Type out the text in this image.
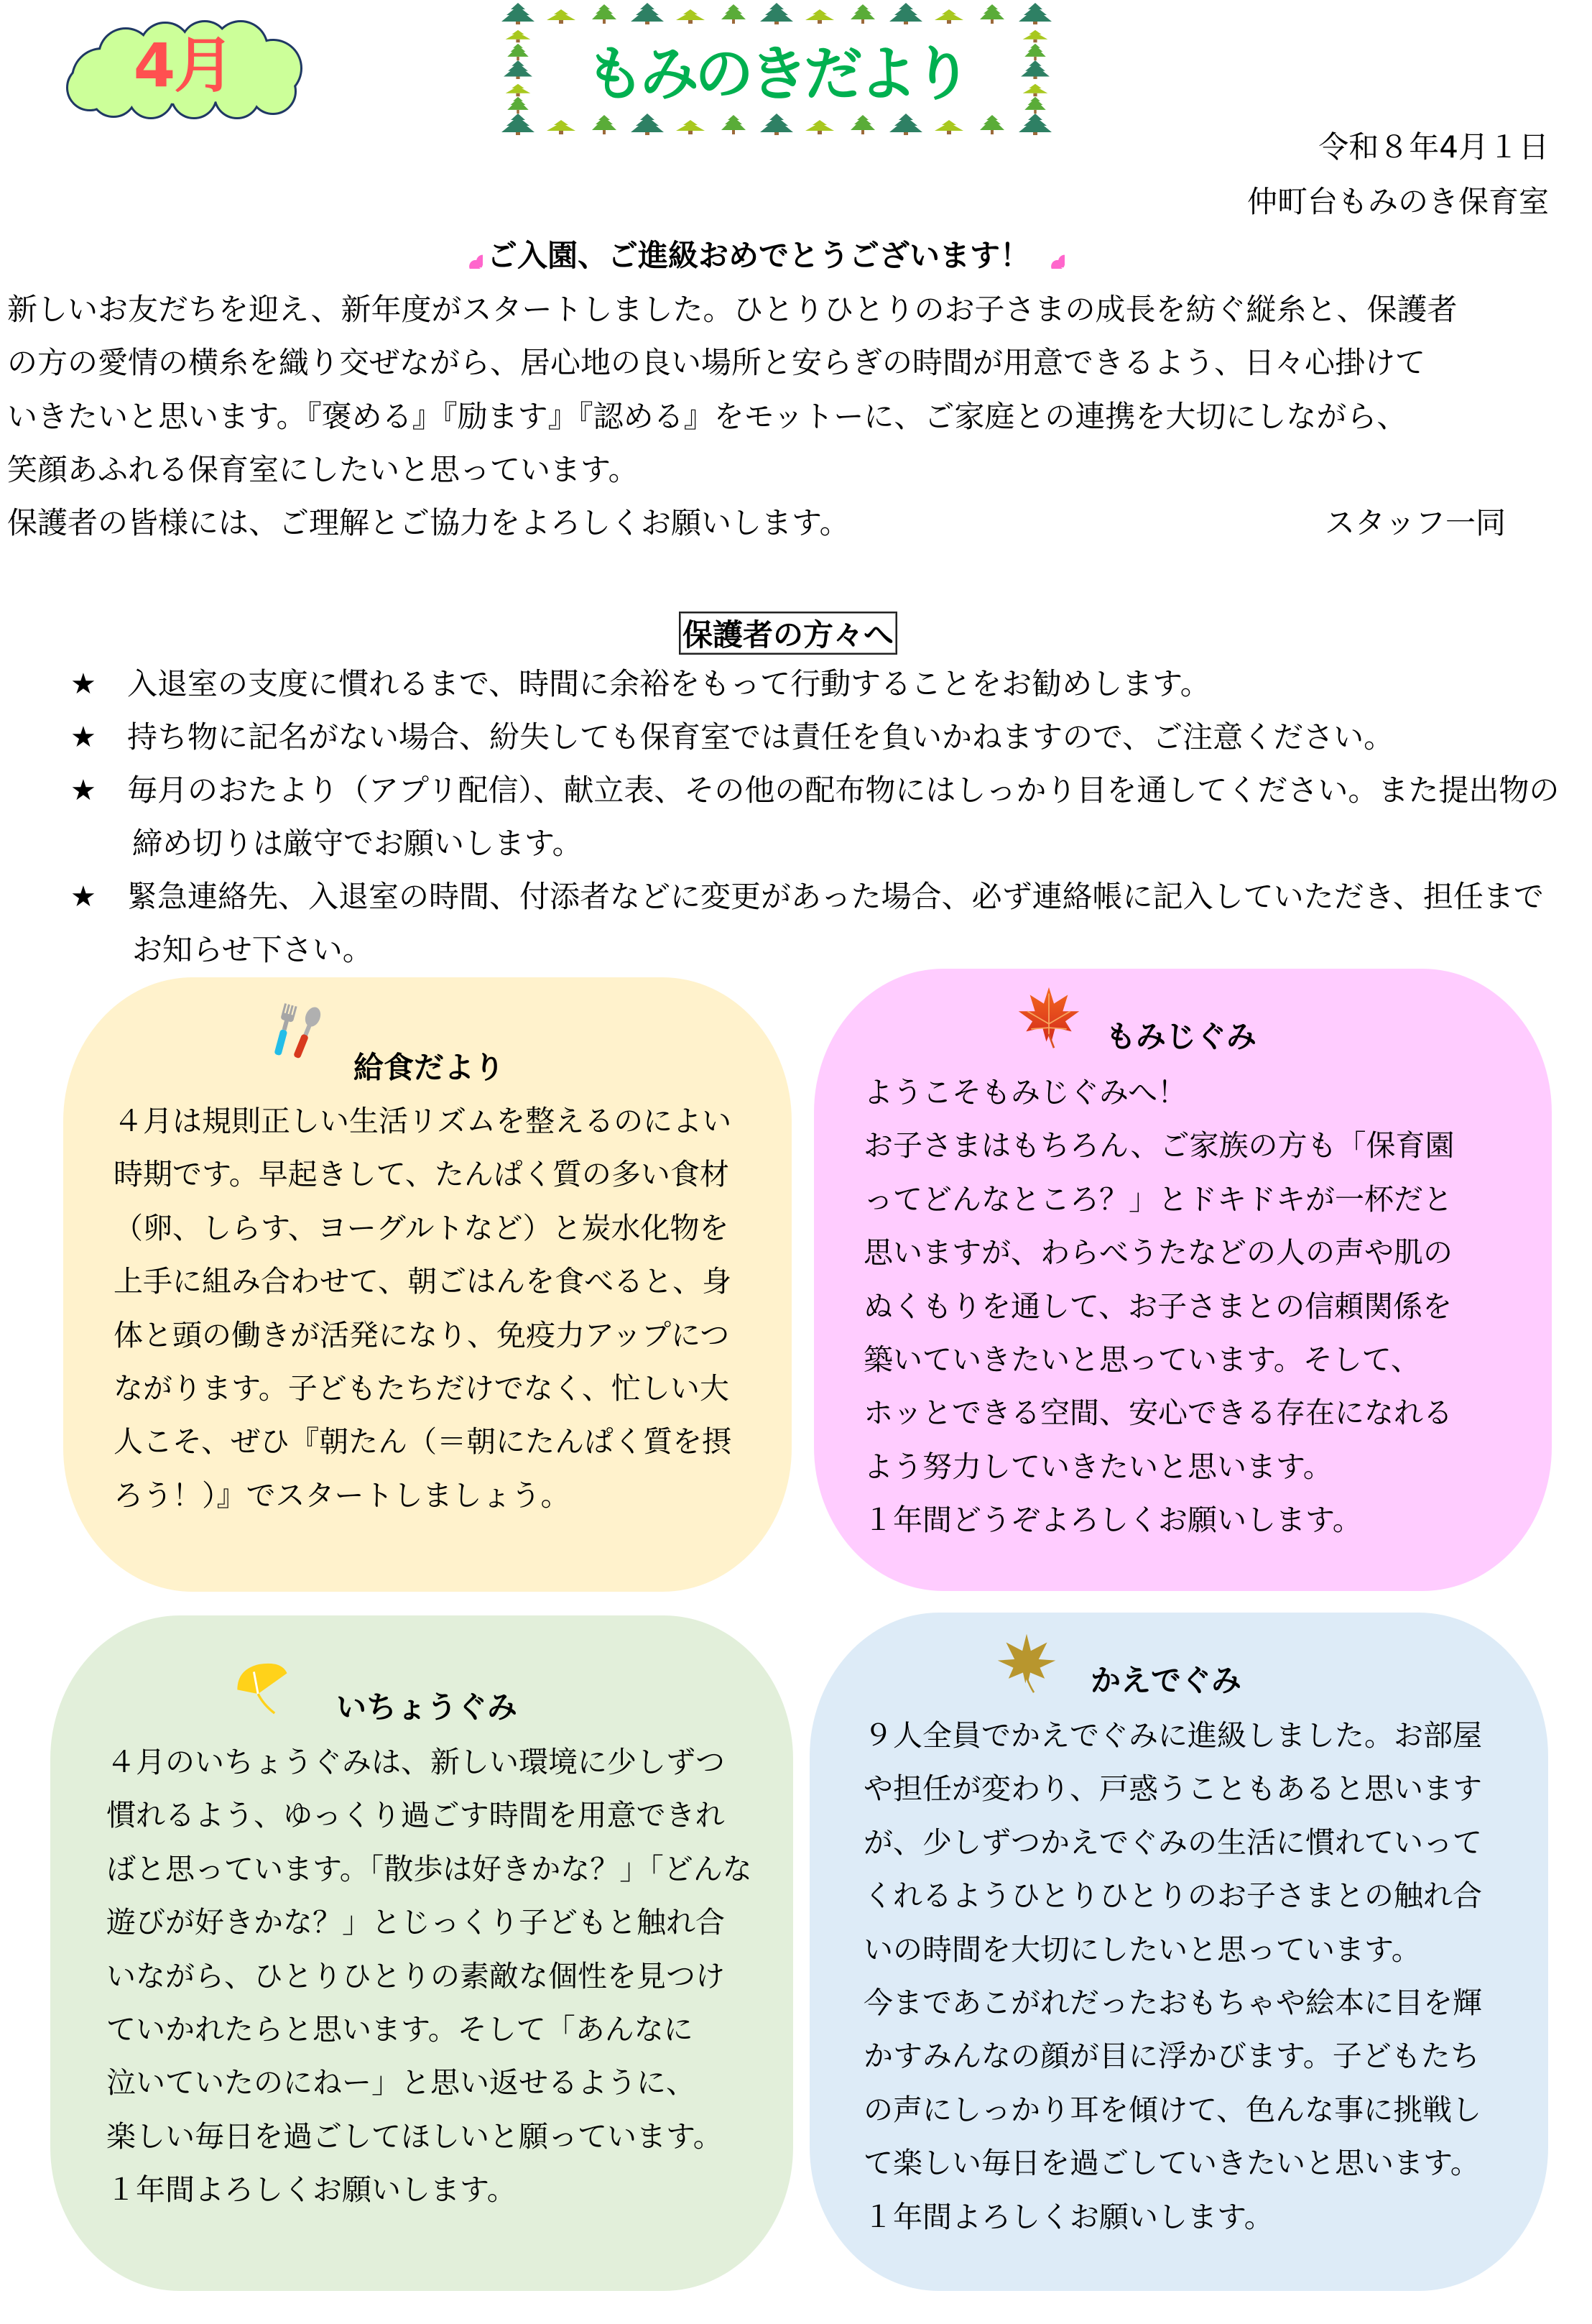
4月	もみのきだより
令和８年4月１日
仲町台もみのき保育室
ご入園、ご進級おめでとうございます！
新しいお友だちを迎え、新年度がスタートしました。ひとりひとりのお子さまの成長を紡ぐ縦糸と、保護者
の方の愛情の横糸を織り交ぜながら、居心地の良い場所と安らぎの時間が用意できるよう、日々心掛けて
いきたいと思います。『褒める』『励ます』『認める』をモットーに、ご家庭との連携を大切にしながら、
笑顔あふれる保育室にしたいと思っています。
保護者の皆様には、ご理解とご協力をよろしくお願いします。	スタッフ一同
保護者の方々へ
★	入退室の支度に慣れるまで、時間に余裕をもって行動することをお勧めします。
★	持ち物に記名がない場合、紛失しても保育室では責任を負いかねますので、ご注意ください。
★	毎月のおたより（アプリ配信）、献立表、その他の配布物にはしっかり目を通してください。また提出物の
締め切りは厳守でお願いします。
★	緊急連絡先、入退室の時間、付添者などに変更があった場合、必ず連絡帳に記入していただき、担任まで
お知らせ下さい。
給食だより
４月は規則正しい生活リズムを整えるのによい
時期です。早起きして、たんぱく質の多い食材
（卵、しらす、ヨーグルトなど）と炭水化物を
上手に組み合わせて、朝ごはんを食べると、身
体と頭の働きが活発になり、免疫力アップにつ
ながります。子どもたちだけでなく、忙しい大
人こそ、ぜひ『朝たん（＝朝にたんぱく質を摂
ろう！）』でスタートしましょう。
もみじぐみ
ようこそもみじぐみへ！
お子さまはもちろん、ご家族の方も「保育園
ってどんなところ？」とドキドキが一杯だと
思いますが、わらべうたなどの人の声や肌の
ぬくもりを通して、お子さまとの信頼関係を
築いていきたいと思っています。そして、
ホッとできる空間、安心できる存在になれる
よう努力していきたいと思います。
１年間どうぞよろしくお願いします。
いちょうぐみ
４月のいちょうぐみは、新しい環境に少しずつ
慣れるよう、ゆっくり過ごす時間を用意できれ
ばと思っています。「散歩は好きかな？」「どんな
遊びが好きかな？」とじっくり子どもと触れ合
いながら、ひとりひとりの素敵な個性を見つけ
ていかれたらと思います。そして「あんなに
泣いていたのにねー」と思い返せるように、
楽しい毎日を過ごしてほしいと願っています。
１年間よろしくお願いします。
かえでぐみ
９人全員でかえでぐみに進級しました。お部屋
や担任が変わり、戸惑うこともあると思います
が、少しずつかえでぐみの生活に慣れていって
くれるようひとりひとりのお子さまとの触れ合
いの時間を大切にしたいと思っています。
今まであこがれだったおもちゃや絵本に目を輝
かすみんなの顔が目に浮かびます。子どもたち
の声にしっかり耳を傾けて、色んな事に挑戦し
て楽しい毎日を過ごしていきたいと思います。
１年間よろしくお願いします。
